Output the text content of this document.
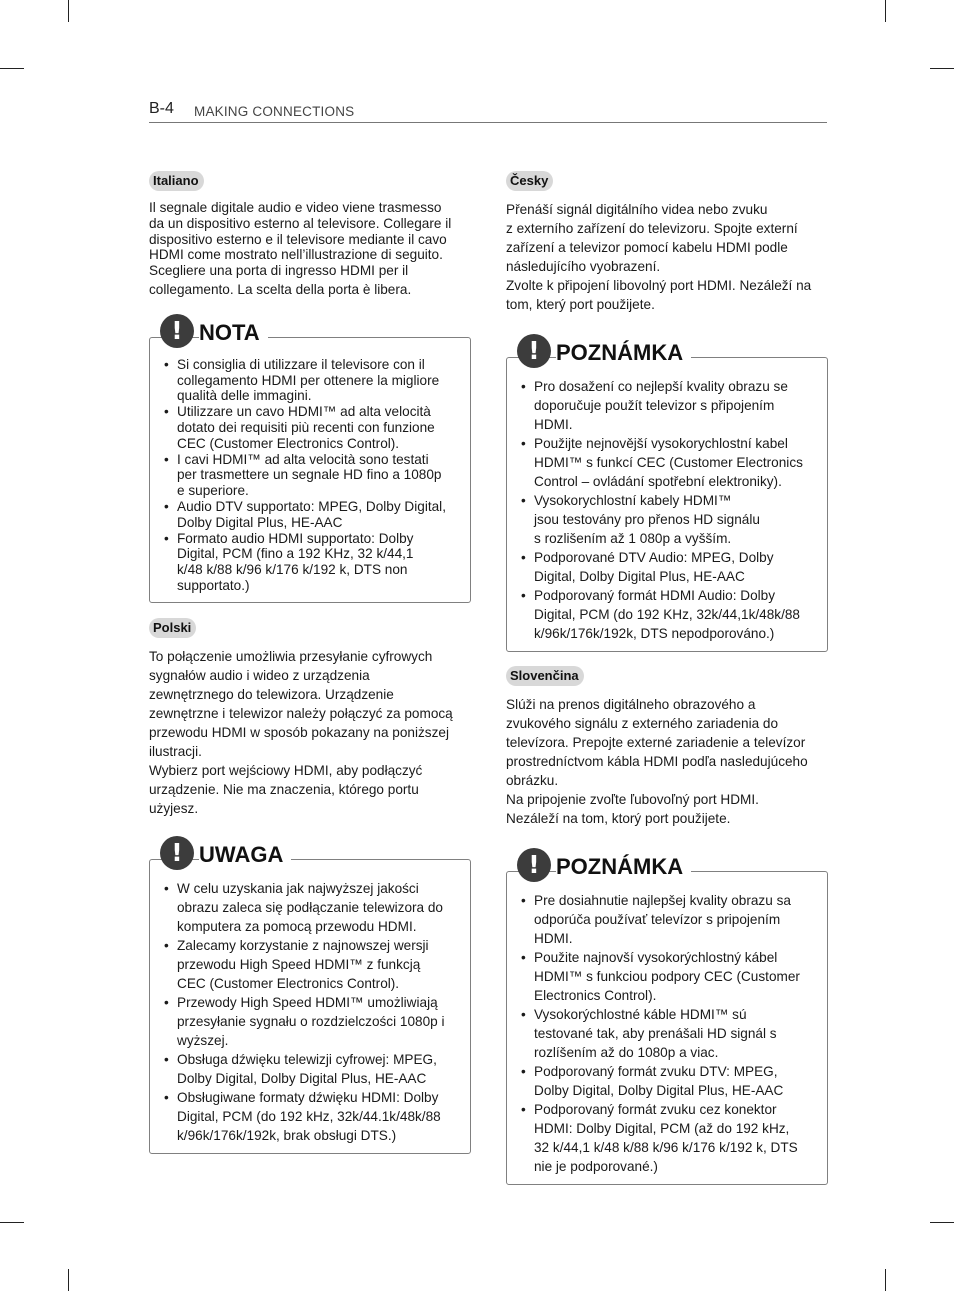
B-4 MAKING CONNECTIONS
Italiano

Il segnale digitale audio e video viene trasmesso

da un dispositivo esterno al televisore. Collegare il

dispositivo esterno e il televisore mediante il cavo

HDMI come mostrato nell’illustrazione di seguito.

Scegliere una porta di ingresso HDMI per il

collegamento. La scelta della porta è libera.

! NOTA

• Si consiglia di utilizzare il televisore con il

collegamento HDMI per ottenere la migliore

qualità delle immagini.

• Utilizzare un cavo HDMI™ ad alta velocità

dotato dei requisiti più recenti con funzione

CEC (Customer Electronics Control).

• I cavi HDMI™ ad alta velocità sono testati

per trasmettere un segnale HD fino a 1080p

e superiore.

• Audio DTV supportato: MPEG, Dolby Digital,

Dolby Digital Plus, HE-AAC

• Formato audio HDMI supportato: Dolby

Digital, PCM (fino a 192 KHz, 32 k/44,1

k/48 k/88 k/96 k/176 k/192 k, DTS non

supportato.)

Polski

To połączenie umożliwia przesyłanie cyfrowych

sygnałów audio i wideo z urządzenia

zewnętrznego do telewizora. Urządzenie

zewnętrzne i telewizor należy połączyć za pomocą

przewodu HDMI w sposób pokazany na poniższej

ilustracji.

Wybierz port wejściowy HDMI, aby podłączyć

urządzenie. Nie ma znaczenia, którego portu

użyjesz.

! UWAGA

• W celu uzyskania jak najwyższej jakości

obrazu zaleca się podłączanie telewizora do

komputera za pomocą przewodu HDMI.

• Zalecamy korzystanie z najnowszej wersji

przewodu High Speed HDMI™ z funkcją

CEC (Customer Electronics Control).

• Przewody High Speed HDMI™ umożliwiają

przesyłanie sygnału o rozdzielczości 1080p i

wyższej.

• Obsługa dźwięku telewizji cyfrowej: MPEG,

Dolby Digital, Dolby Digital Plus, HE-AAC

• Obsługiwane formaty dźwięku HDMI: Dolby

Digital, PCM (do 192 kHz, 32k/44.1k/48k/88

k/96k/176k/192k, brak obsługi DTS.)

Česky

Přenáší signál digitálního videa nebo zvuku

z externího zařízení do televizoru. Spojte externí

zařízení a televizor pomocí kabelu HDMI podle

následujícího vyobrazení.

Zvolte k připojení libovolný port HDMI. Nezáleží na

tom, který port použijete.

! POZNÁMKA

• Pro dosažení co nejlepší kvality obrazu se

doporučuje použít televizor s připojením

HDMI.

• Použijte nejnovější vysokorychlostní kabel

HDMI™ s funkcí CEC (Customer Electronics

Control – ovládání spotřební elektroniky).

• Vysokorychlostní kabely HDMI™

jsou testovány pro přenos HD signálu

s rozlišením až 1 080p a vyšším.

• Podporované DTV Audio: MPEG, Dolby

Digital, Dolby Digital Plus, HE-AAC

• Podporovaný formát HDMI Audio: Dolby

Digital, PCM (do 192 KHz, 32k/44,1k/48k/88

k/96k/176k/192k, DTS nepodporováno.)

Slovenčina

Slúži na prenos digitálneho obrazového a

zvukového signálu z externého zariadenia do

televízora. Prepojte externé zariadenie a televízor

prostredníctvom kábla HDMI podľa nasledujúceho

obrázku.

Na pripojenie zvoľte ľubovoľný port HDMI.

Nezáleží na tom, ktorý port použijete.

! POZNÁMKA

• Pre dosiahnutie najlepšej kvality obrazu sa

odporúča používať televízor s pripojením

HDMI.

• Použite najnovší vysokorýchlostný kábel

HDMI™ s funkciou podpory CEC (Customer

Electronics Control).

• Vysokorýchlostné káble HDMI™ sú

testované tak, aby prenášali HD signál s

rozlíšením až do 1080p a viac.

• Podporovaný formát zvuku DTV: MPEG,

Dolby Digital, Dolby Digital Plus, HE-AAC

• Podporovaný formát zvuku cez konektor

HDMI: Dolby Digital, PCM (až do 192 kHz,

32 k/44,1 k/48 k/88 k/96 k/176 k/192 k, DTS

nie je podporované.)
